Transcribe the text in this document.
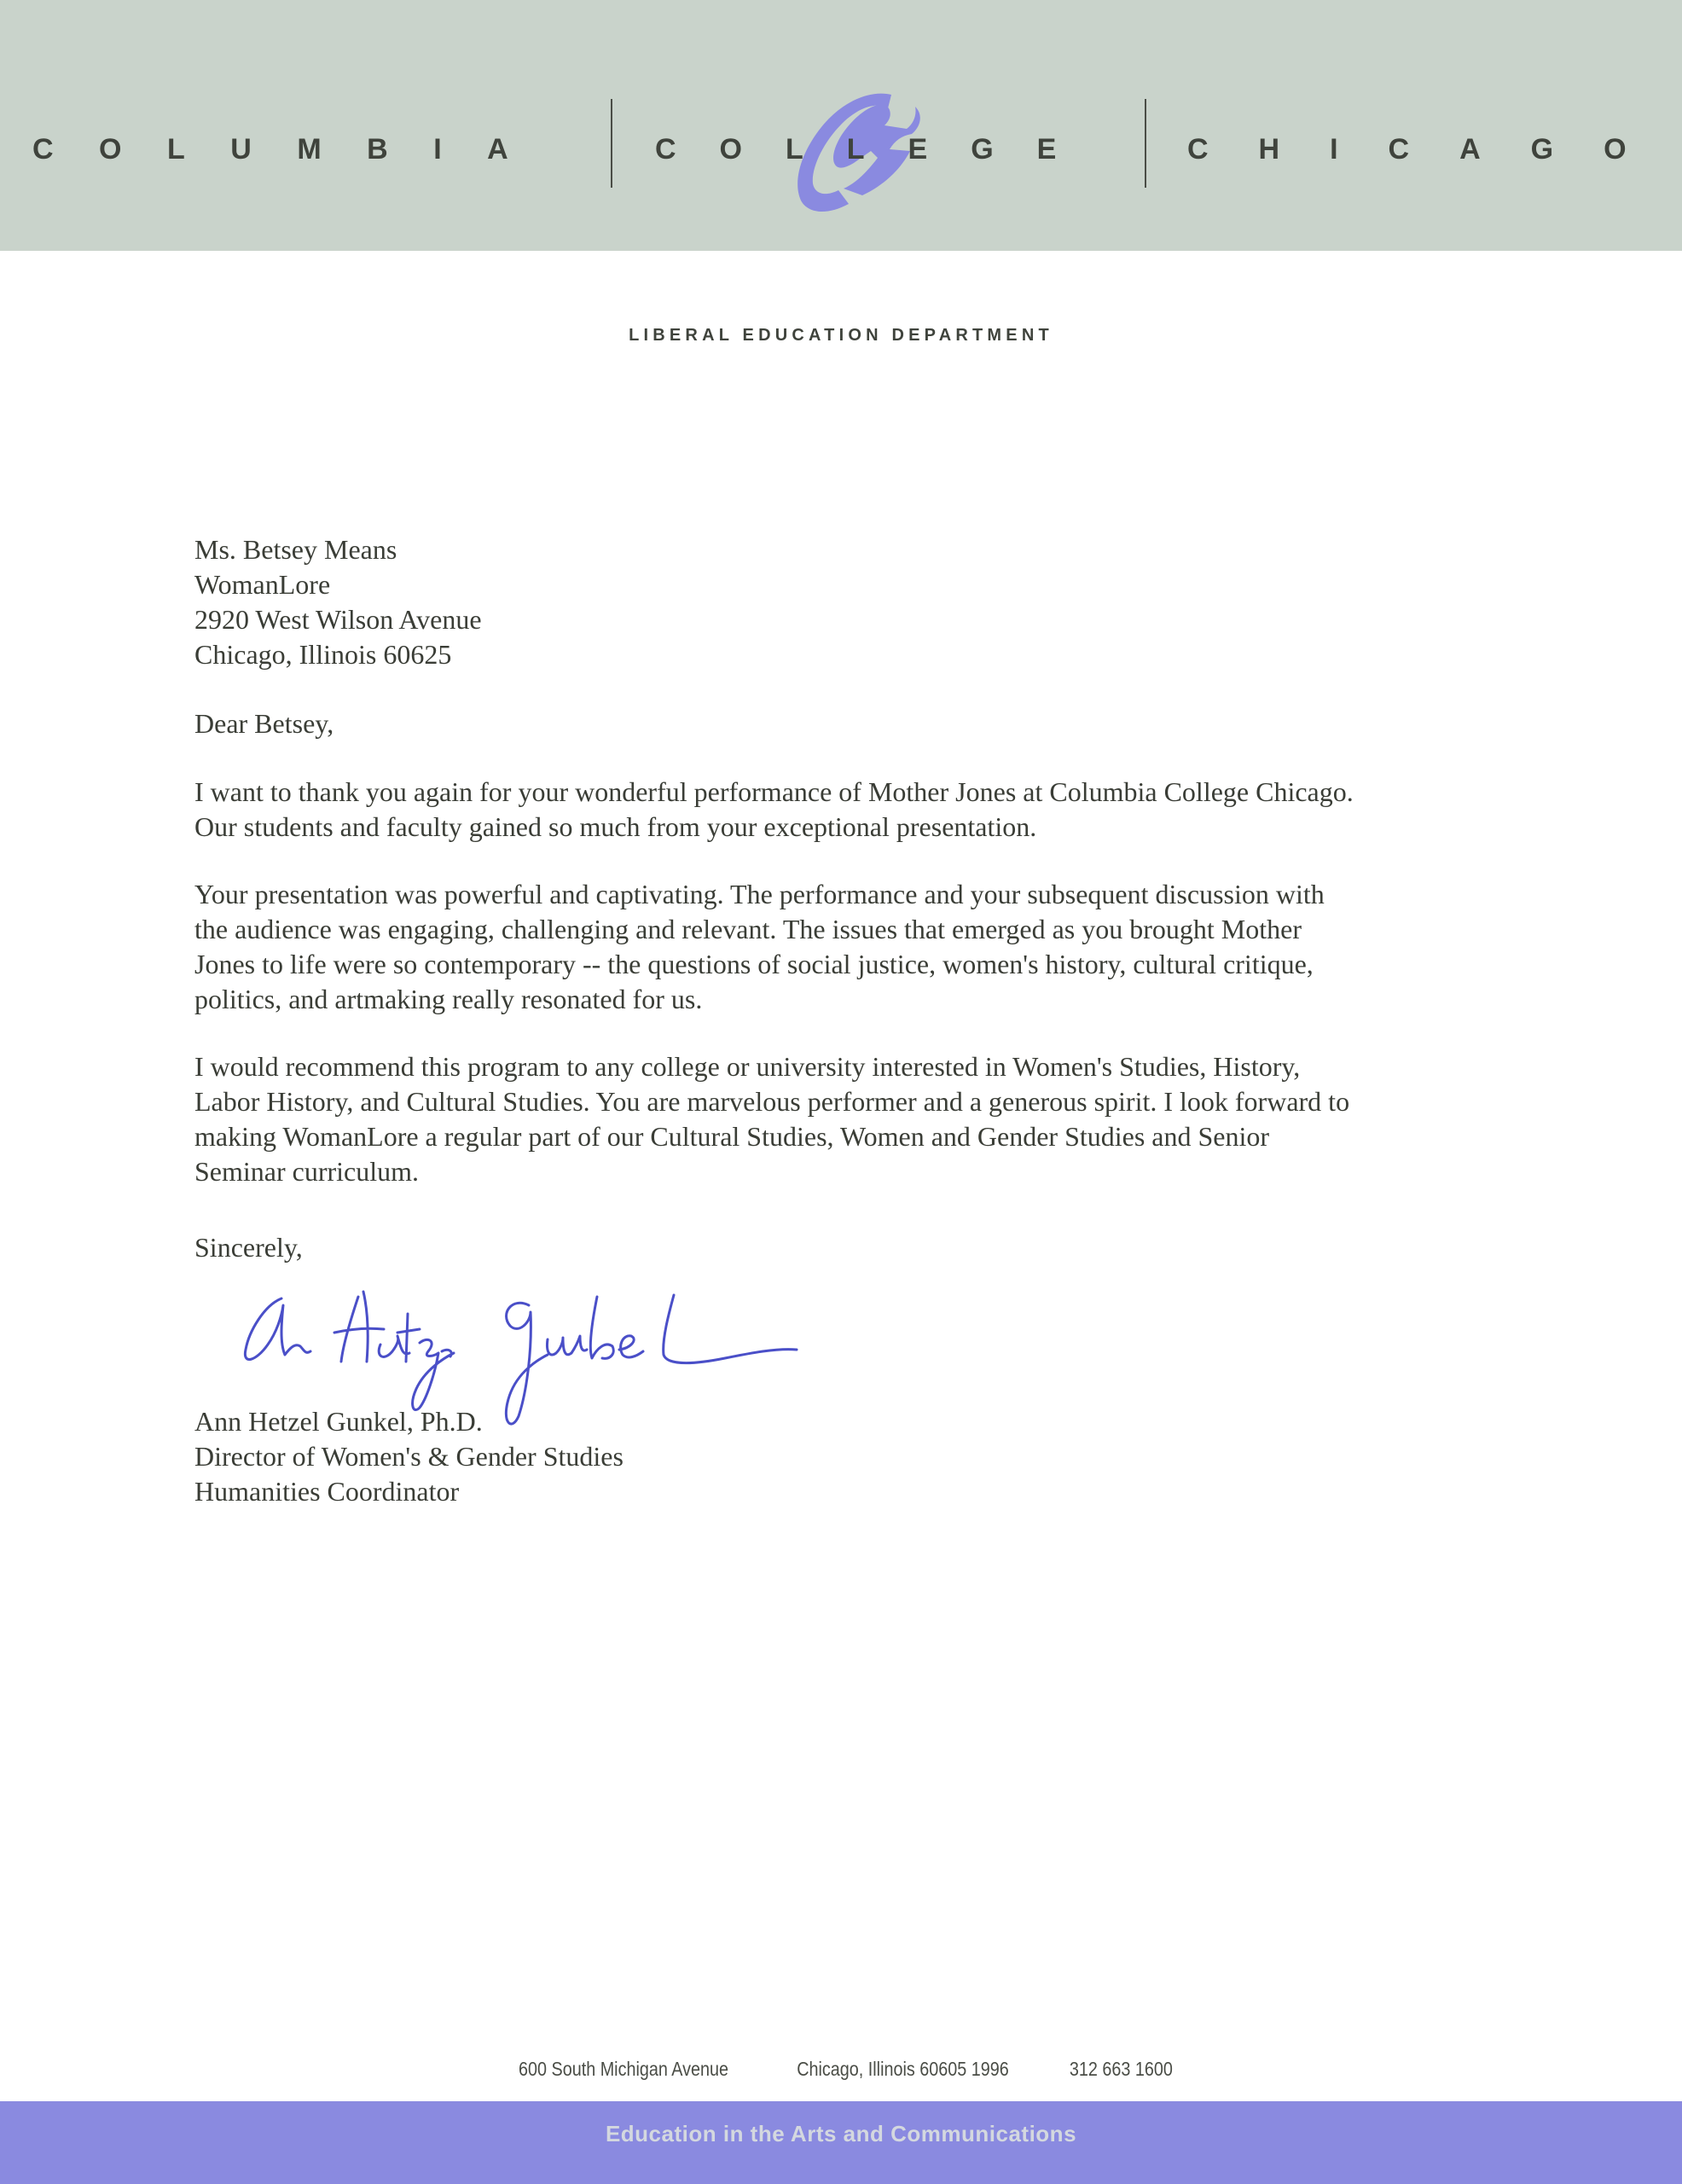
COLUMBIA	COLLEGE	CHICAGO
LIBERAL EDUCATION DEPARTMENT
Ms. Betsey Means
WomanLore
2920 West Wilson Avenue
Chicago, Illinois 60625
Dear Betsey,
I want to thank you again for your wonderful performance of Mother Jones at Columbia College Chicago.
Our students and faculty gained so much from your exceptional presentation.
Your presentation was powerful and captivating. The performance and your subsequent discussion with
the audience was engaging, challenging and relevant. The issues that emerged as you brought Mother
Jones to life were so contemporary -- the questions of social justice, women's history, cultural critique,
politics, and artmaking really resonated for us.
I would recommend this program to any college or university interested in Women's Studies, History,
Labor History, and Cultural Studies. You are marvelous performer and a generous spirit. I look forward to
making WomanLore a regular part of our Cultural Studies, Women and Gender Studies and Senior
Seminar curriculum.
Sincerely,
Ann Hetzel Gunkel, Ph.D.
Director of Women's & Gender Studies
Humanities Coordinator
600 South Michigan Avenue	Chicago, Illinois 60605 1996	312 663 1600
Education in the Arts and Communications
